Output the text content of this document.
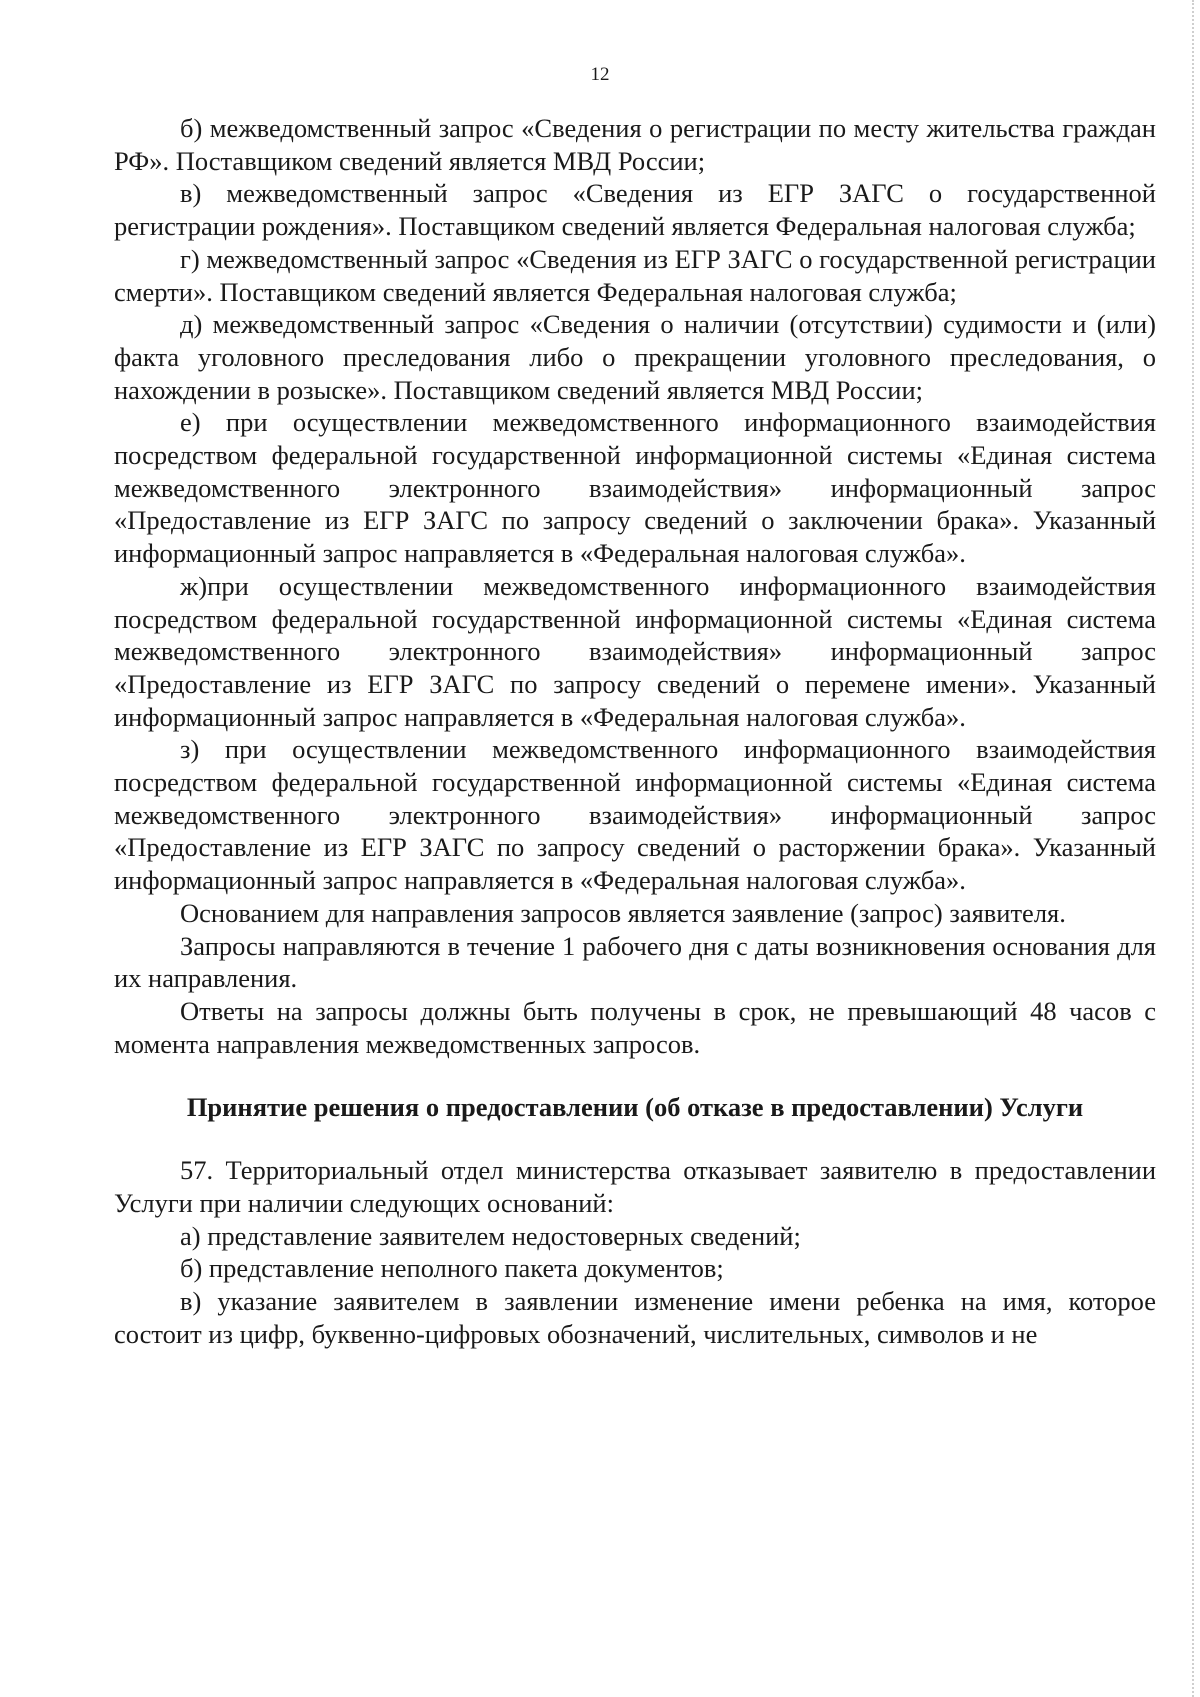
12

б) межведомственный запрос «Сведения о регистрации по месту жительства граждан РФ». Поставщиком сведений является МВД России;

в) межведомственный запрос «Сведения из ЕГР ЗАГС о государственной регистрации рождения». Поставщиком сведений является Федеральная налоговая служба;

г) межведомственный запрос «Сведения из ЕГР ЗАГС о государственной регистрации смерти». Поставщиком сведений является Федеральная налоговая служба;

д) межведомственный запрос «Сведения о наличии (отсутствии) судимости и (или) факта уголовного преследования либо о прекращении уголовного преследования, о нахождении в розыске». Поставщиком сведений является МВД России;

е) при осуществлении межведомственного информационного взаимодействия посредством федеральной государственной информационной системы «Единая система межведомственного электронного взаимодействия» информационный запрос «Предоставление из ЕГР ЗАГС по запросу сведений о заключении брака». Указанный информационный запрос направляется в «Федеральная налоговая служба».

ж)при осуществлении межведомственного информационного взаимодействия посредством федеральной государственной информационной системы «Единая система межведомственного электронного взаимодействия» информационный запрос «Предоставление из ЕГР ЗАГС по запросу сведений о перемене имени». Указанный информационный запрос направляется в «Федеральная налоговая служба».

з) при осуществлении межведомственного информационного взаимодействия посредством федеральной государственной информационной системы «Единая система межведомственного электронного взаимодействия» информационный запрос «Предоставление из ЕГР ЗАГС по запросу сведений о расторжении брака». Указанный информационный запрос направляется в «Федеральная налоговая служба».

Основанием для направления запросов является заявление (запрос) заявителя.

Запросы направляются в течение 1 рабочего дня с даты возникновения основания для их направления.

Ответы на запросы должны быть получены в срок, не превышающий 48 часов с момента направления межведомственных запросов.

Принятие решения о предоставлении (об отказе в предоставлении) Услуги

57. Территориальный отдел министерства отказывает заявителю в предоставлении Услуги при наличии следующих оснований:

а) представление заявителем недостоверных сведений;

б) представление неполного пакета документов;

в) указание заявителем в заявлении изменение имени ребенка на имя, которое состоит из цифр, буквенно-цифровых обозначений, числительных, символов и не
